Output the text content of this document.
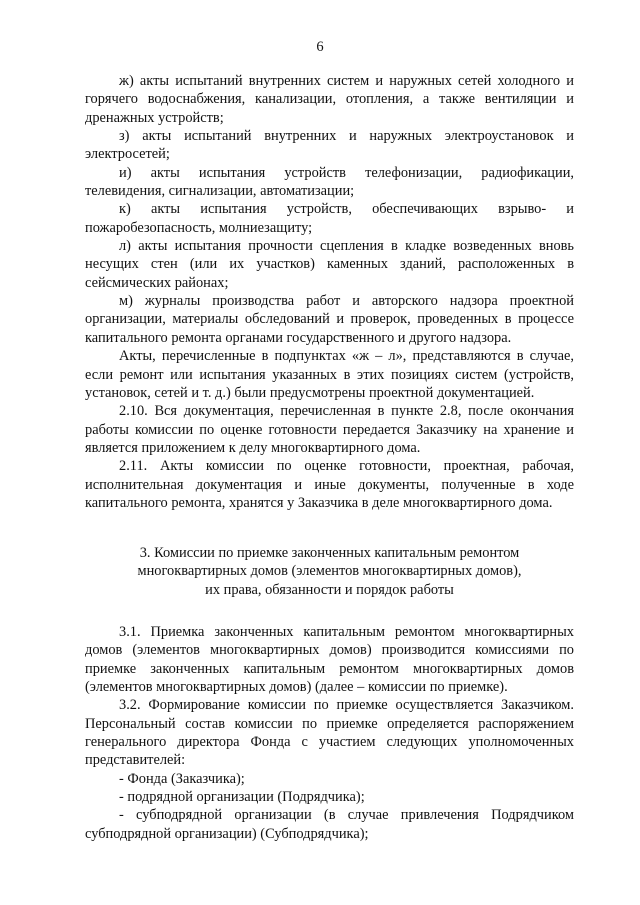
6

ж) акты испытаний внутренних систем и наружных сетей холодного и горячего водоснабжения, канализации, отопления, а также вентиляции и дренажных устройств;

з) акты испытаний внутренних и наружных электроустановок и электросетей;

и) акты испытания устройств телефонизации, радиофикации, телевидения, сигнализации, автоматизации;

к) акты испытания устройств, обеспечивающих взрыво- и пожаробезопасность, молниезащиту;

л) акты испытания прочности сцепления в кладке возведенных вновь несущих стен (или их участков) каменных зданий, расположенных в сейсмических районах;

м) журналы производства работ и авторского надзора проектной организации, материалы обследований и проверок, проведенных в процессе капитального ремонта органами государственного и другого надзора.

Акты, перечисленные в подпунктах «ж – л», представляются в случае, если ремонт или испытания указанных в этих позициях систем (устройств, установок, сетей и т. д.) были предусмотрены проектной документацией.

2.10. Вся документация, перечисленная в пункте 2.8, после окончания работы комиссии по оценке готовности передается Заказчику на хранение и является приложением к делу многоквартирного дома.

2.11. Акты комиссии по оценке готовности, проектная, рабочая, исполнительная документация и иные документы, полученные в ходе капитального ремонта, хранятся у Заказчика в деле многоквартирного дома.

3. Комиссии по приемке законченных капитальным ремонтом
многоквартирных домов (элементов многоквартирных домов),
их права, обязанности и порядок работы

3.1. Приемка законченных капитальным ремонтом многоквартирных домов (элементов многоквартирных домов) производится комиссиями по приемке законченных капитальным ремонтом многоквартирных домов (элементов многоквартирных домов) (далее – комиссии по приемке).

3.2. Формирование комиссии по приемке осуществляется Заказчиком. Персональный состав комиссии по приемке определяется распоряжением генерального директора Фонда с участием следующих уполномоченных представителей:

- Фонда (Заказчика);

- подрядной организации (Подрядчика);

- субподрядной организации (в случае привлечения Подрядчиком субподрядной организации) (Субподрядчика);
